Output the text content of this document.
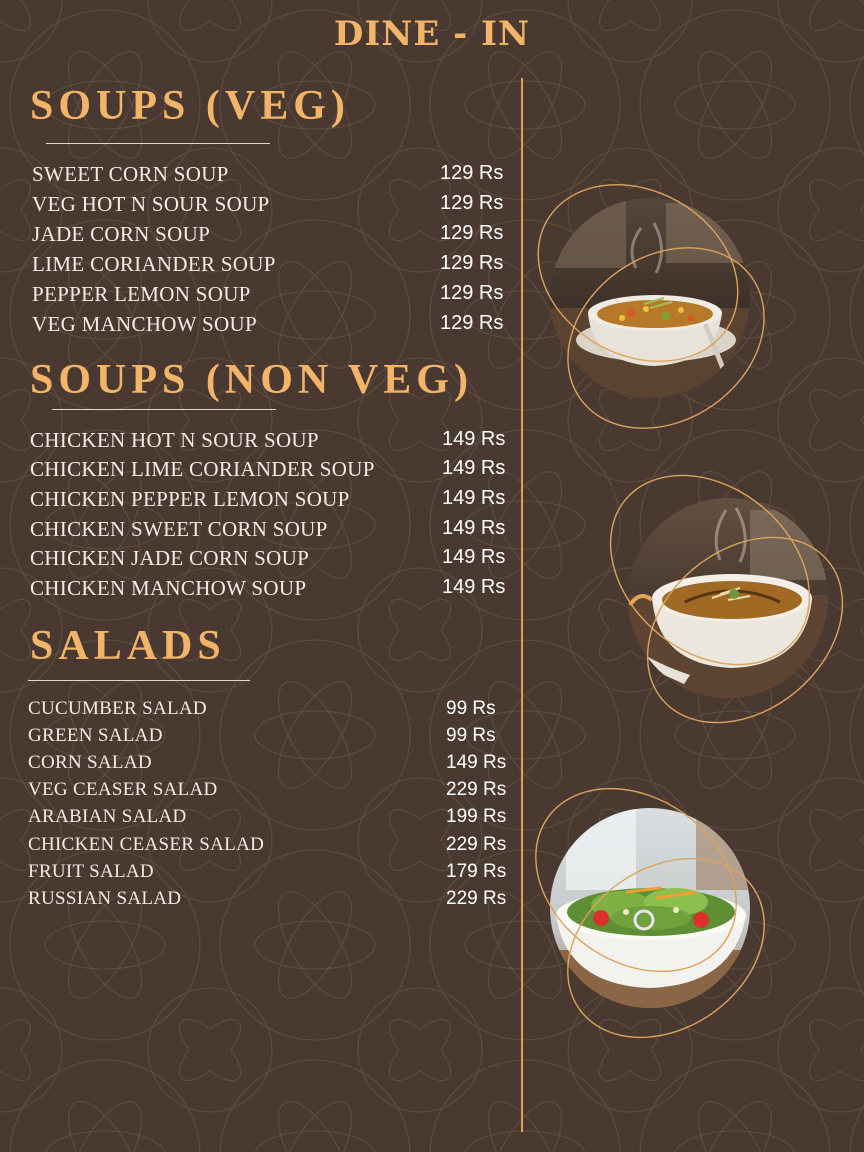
DINE - IN
SOUPS (VEG)
SWEET CORN SOUP	129 Rs
VEG HOT N SOUR SOUP	129 Rs
JADE CORN SOUP	129 Rs
LIME CORIANDER SOUP	129 Rs
PEPPER LEMON SOUP	129 Rs
VEG MANCHOW SOUP	129 Rs
SOUPS (NON VEG)
CHICKEN HOT N SOUR SOUP	149 Rs
CHICKEN LIME CORIANDER SOUP	149 Rs
CHICKEN PEPPER LEMON SOUP	149 Rs
CHICKEN SWEET CORN SOUP	149 Rs
CHICKEN JADE CORN SOUP	149 Rs
CHICKEN MANCHOW SOUP	149 Rs
SALADS
CUCUMBER SALAD	99 Rs
GREEN SALAD	99 Rs
CORN SALAD	149 Rs
VEG CEASER SALAD	229 Rs
ARABIAN SALAD	199 Rs
CHICKEN CEASER SALAD	229 Rs
FRUIT SALAD	179 Rs
RUSSIAN SALAD	229 Rs
